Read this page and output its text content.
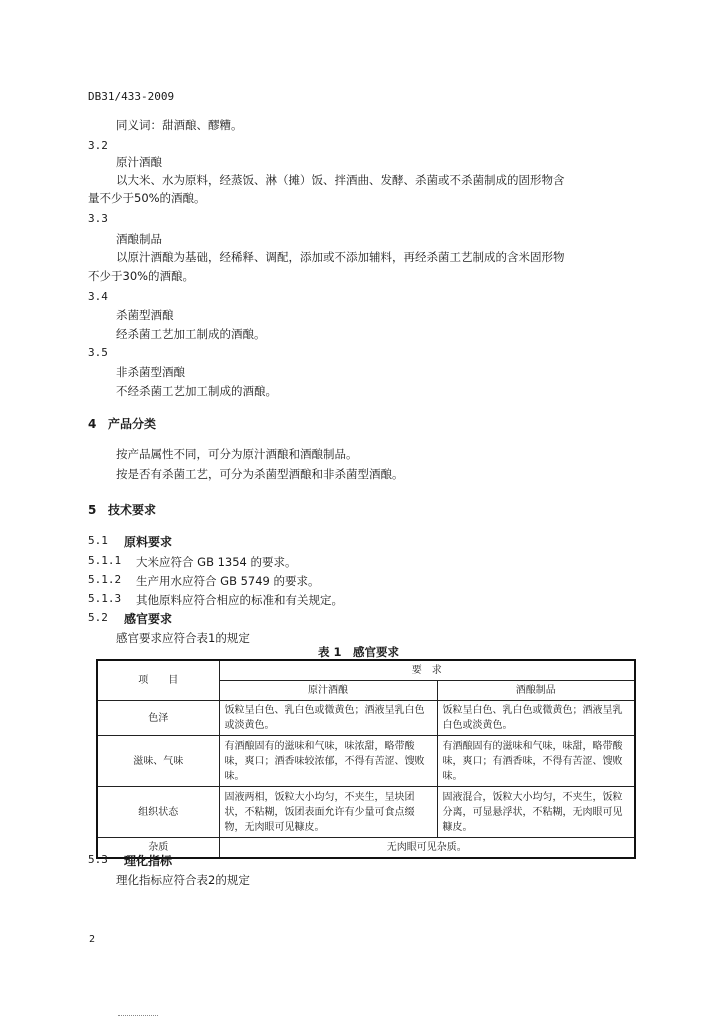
DB31/433-2009
同义词：甜酒酿、醪糟。
3.2
原汁酒酿
以大米、水为原料，经蒸饭、淋（摊）饭、拌酒曲、发酵、杀菌或不杀菌制成的固形物含
量不少于50%的酒酿。
3.3
酒酿制品
以原汁酒酿为基础，经稀释、调配，添加或不添加辅料，再经杀菌工艺制成的含米固形物
不少于30%的酒酿。
3.4
杀菌型酒酿
经杀菌工艺加工制成的酒酿。
3.5
非杀菌型酒酿
不经杀菌工艺加工制成的酒酿。
4 产品分类
按产品属性不同，可分为原汁酒酿和酒酿制品。
按是否有杀菌工艺，可分为杀菌型酒酿和非杀菌型酒酿。
5 技术要求
5.1 原料要求
5.1.1 大米应符合 GB 1354 的要求。
5.1.2 生产用水应符合 GB 5749 的要求。
5.1.3 其他原料应符合相应的标准和有关规定。
5.2 感官要求
感官要求应符合表1的规定
表 1　感官要求
项　　目	要　求	
	原汁酒酿	酒酿制品
色泽	饭粒呈白色、乳白色或微黄色；酒液呈乳白色或淡黄色。	饭粒呈白色、乳白色或微黄色；酒液呈乳白色或淡黄色。
滋味、气味	有酒酿固有的滋味和气味，味浓甜，略带酸味，爽口；酒香味较浓郁，不得有苦涩、馊败味。	有酒酿固有的滋味和气味，味甜，略带酸味，爽口；有酒香味，不得有苦涩、馊败味。
组织状态	固液两相，饭粒大小均匀，不夹生，呈块团状，不粘糊，饭团表面允许有少量可食点缀物，无肉眼可见糠皮。	固液混合，饭粒大小均匀，不夹生，饭粒分离，可显悬浮状，不粘糊，无肉眼可见糠皮。
杂质	无肉眼可见杂质。	
5.3 理化指标
理化指标应符合表2的规定
2
